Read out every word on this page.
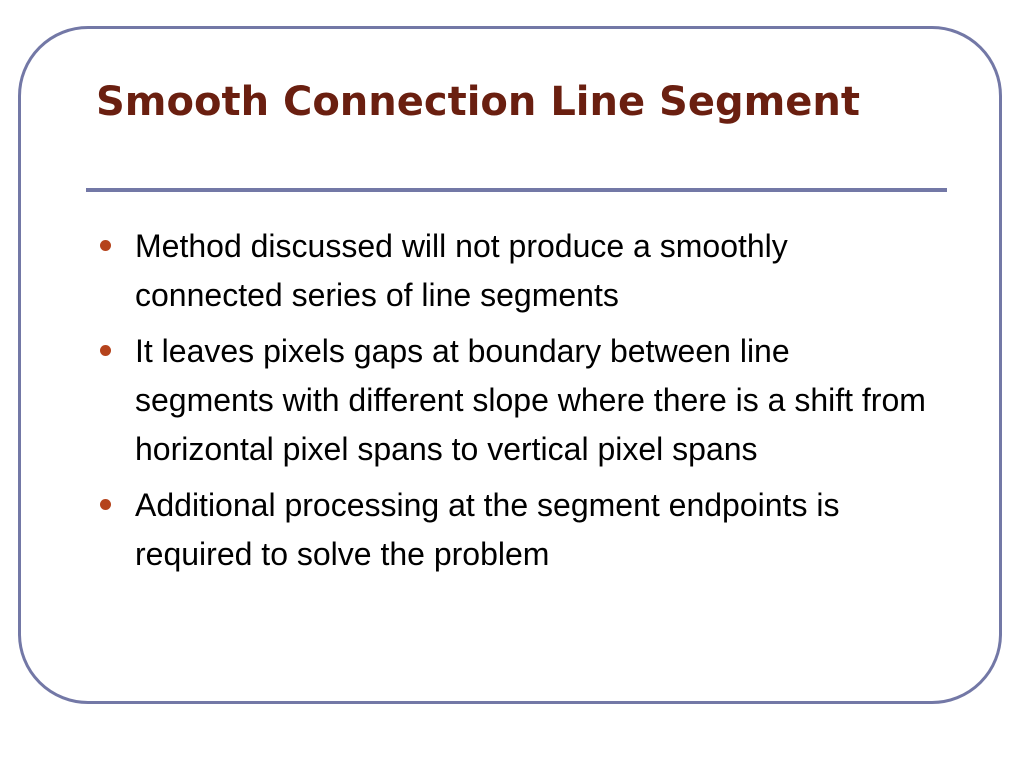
Smooth Connection Line Segment
Method discussed will not produce a smoothly connected series of line segments
It leaves pixels gaps at boundary between line segments with different slope where there is a shift from horizontal pixel spans to vertical pixel spans
Additional processing at the segment endpoints is required to solve the problem
